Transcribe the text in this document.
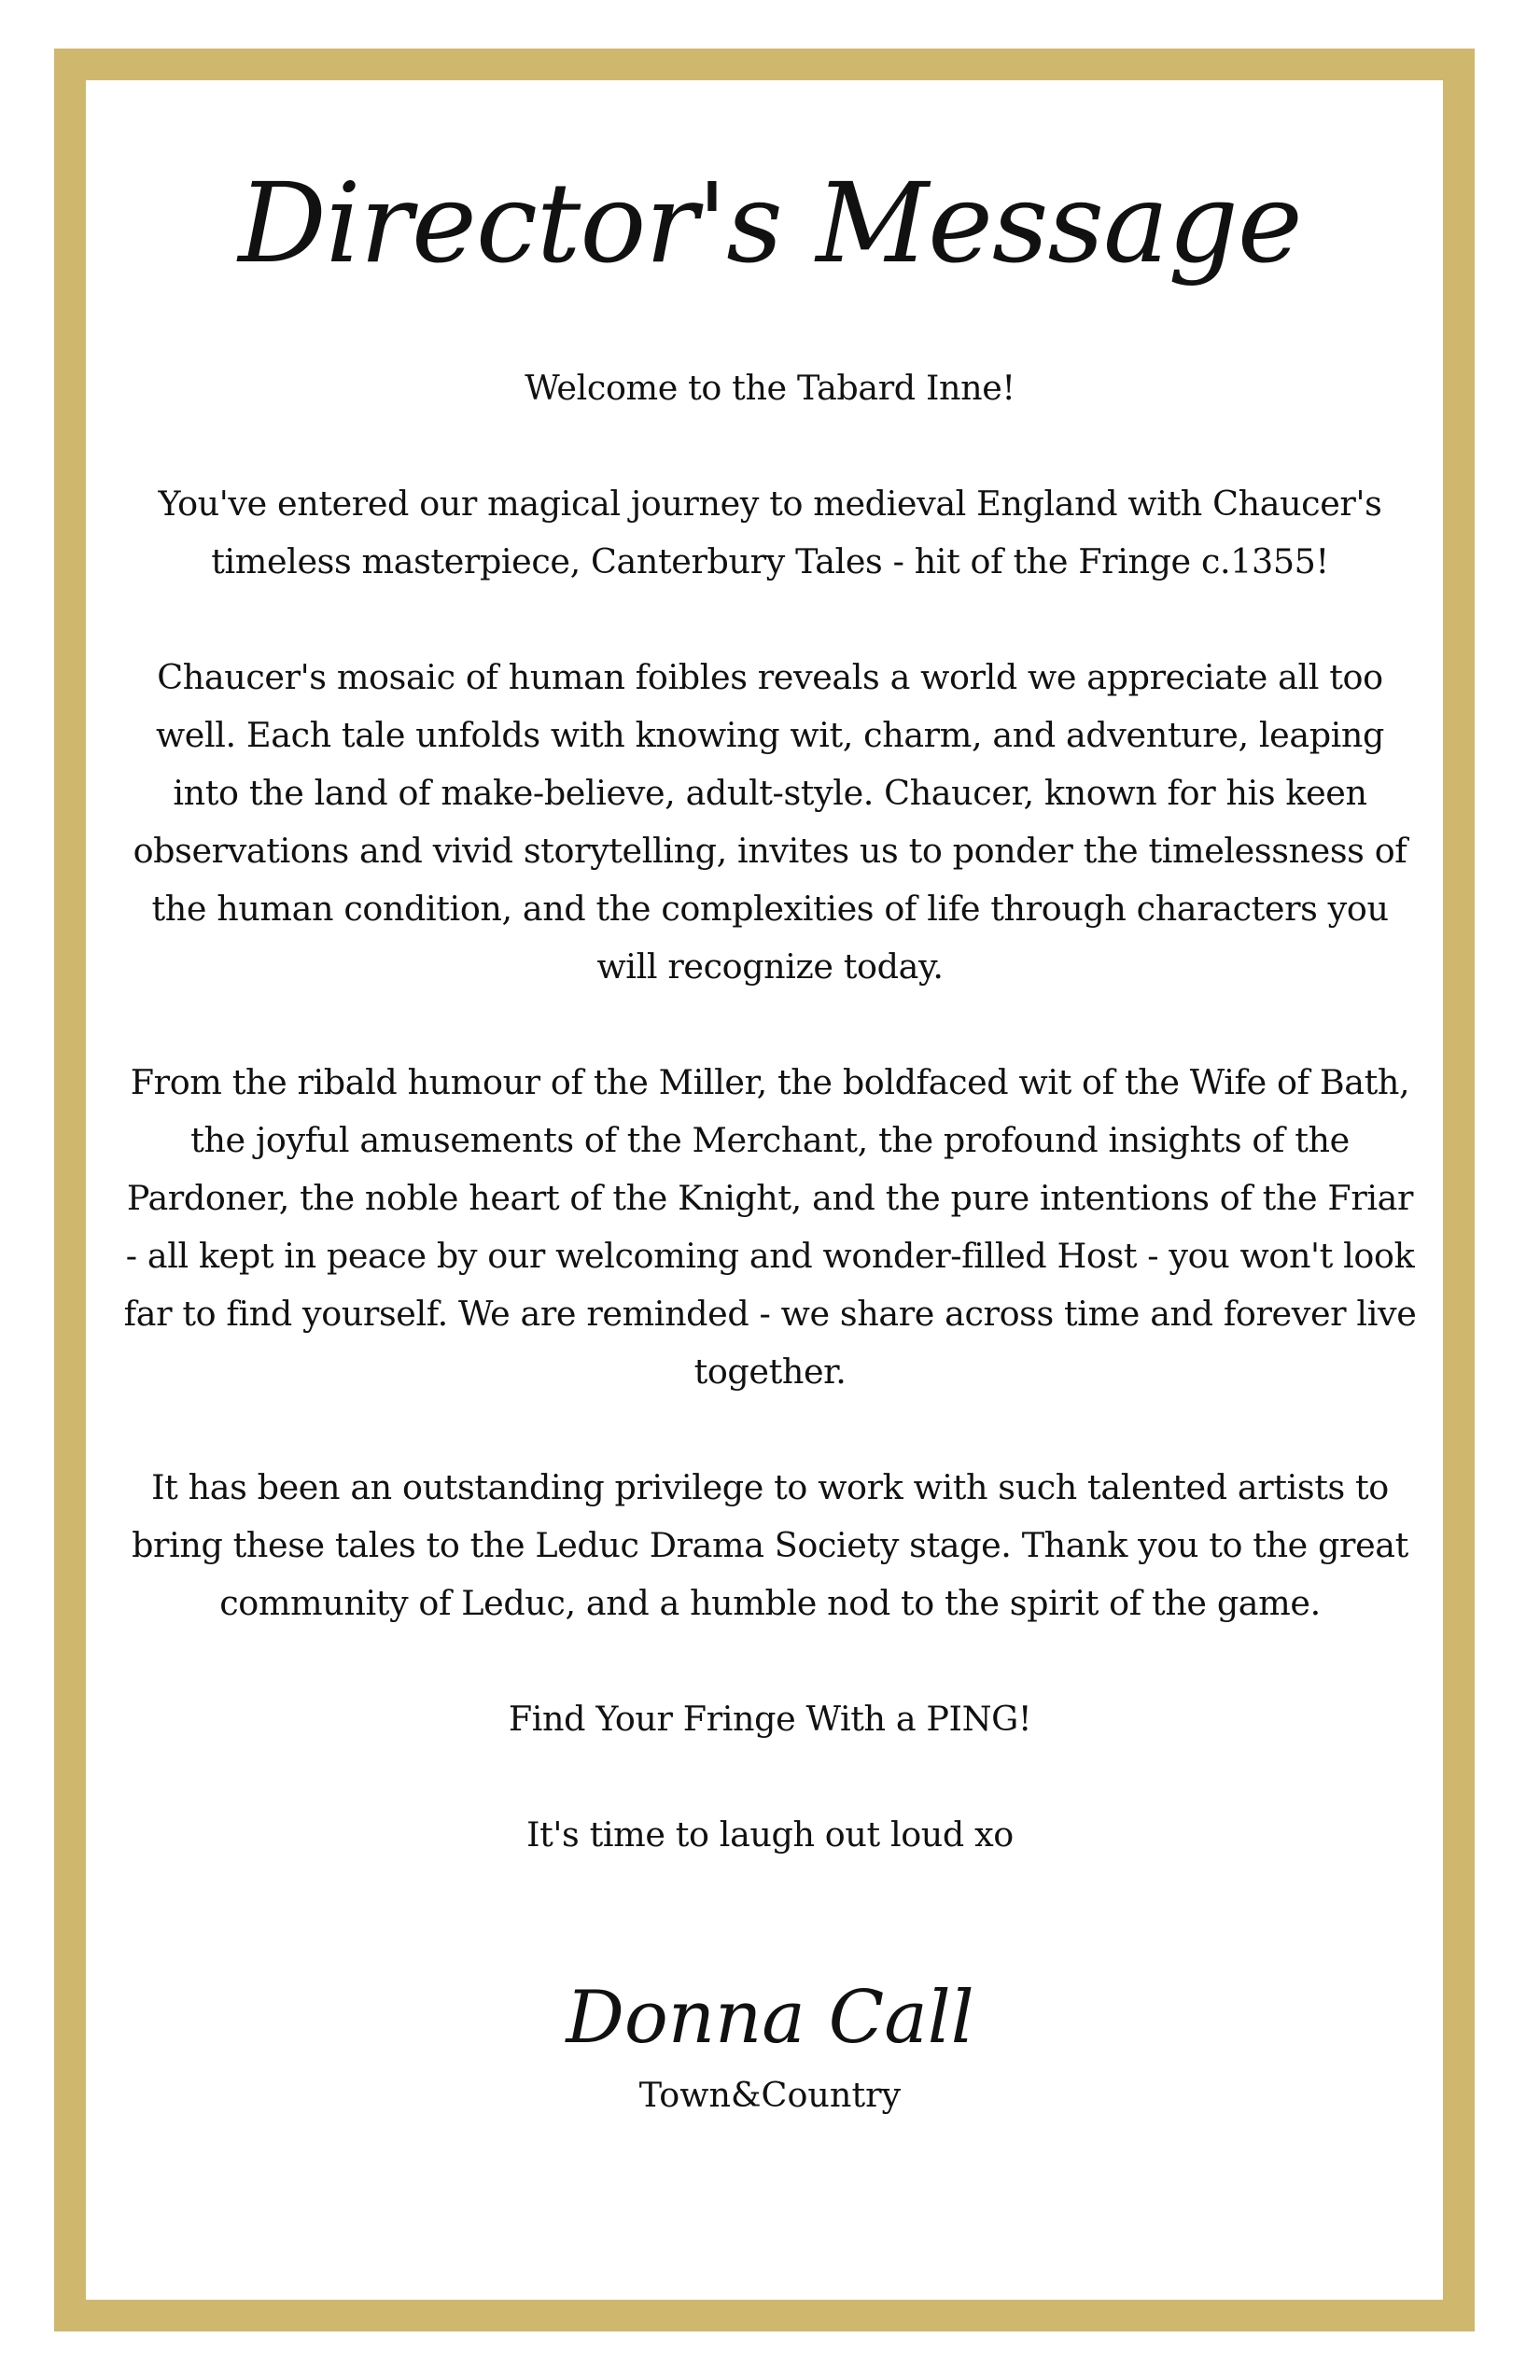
Director's Message

Welcome to the Tabard Inne!

You've entered our magical journey to medieval England with Chaucer's timeless masterpiece, Canterbury Tales - hit of the Fringe c.1355!

Chaucer's mosaic of human foibles reveals a world we appreciate all too well. Each tale unfolds with knowing wit, charm, and adventure, leaping into the land of make-believe, adult-style. Chaucer, known for his keen observations and vivid storytelling, invites us to ponder the timelessness of the human condition, and the complexities of life through characters you will recognize today.

From the ribald humour of the Miller, the boldfaced wit of the Wife of Bath, the joyful amusements of the Merchant, the profound insights of the Pardoner, the noble heart of the Knight, and the pure intentions of the Friar - all kept in peace by our welcoming and wonder-filled Host - you won't look far to find yourself. We are reminded - we share across time and forever live together.

It has been an outstanding privilege to work with such talented artists to bring these tales to the Leduc Drama Society stage. Thank you to the great community of Leduc, and a humble nod to the spirit of the game.

Find Your Fringe With a PING!

It's time to laugh out loud xo

Donna Call
Town&Country
